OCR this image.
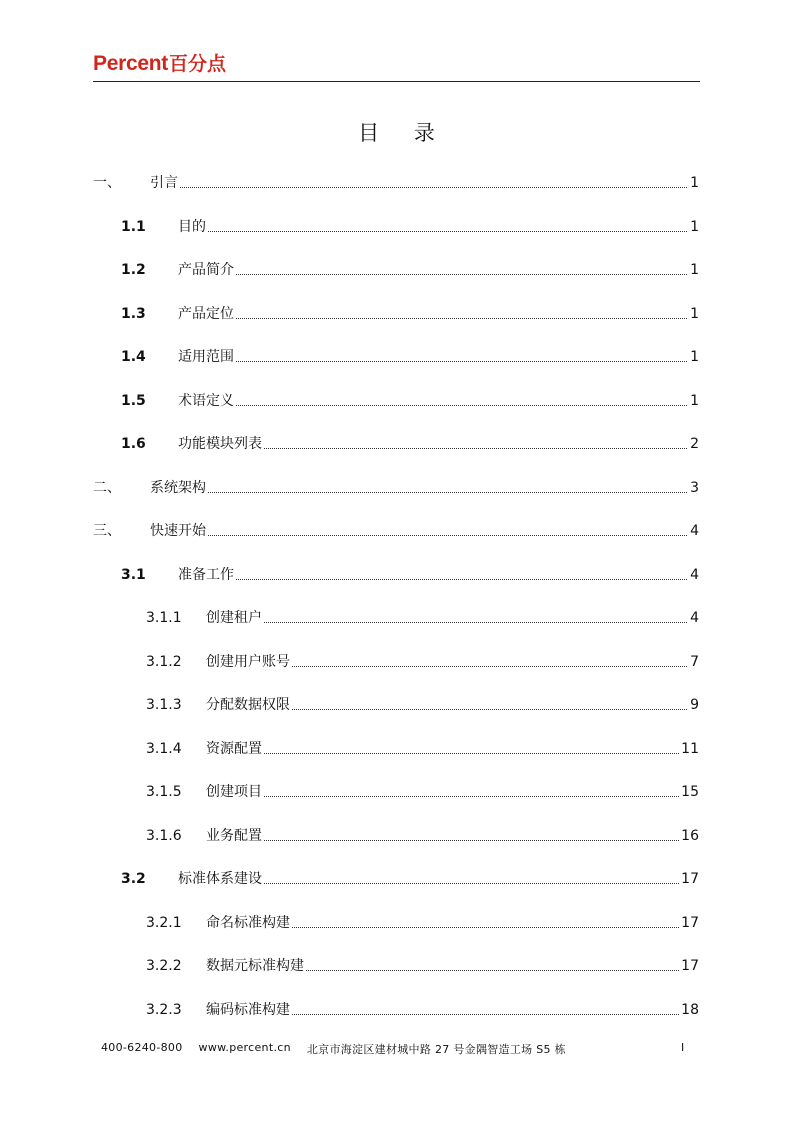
Percent 百分点
目 录
一、 引言	1
1.1 目的	1
1.2 产品简介	1
1.3 产品定位	1
1.4 适用范围	1
1.5 术语定义	1
1.6 功能模块列表	2
二、 系统架构	3
三、 快速开始	4
3.1 准备工作	4
3.1.1 创建租户	4
3.1.2 创建用户账号	7
3.1.3 分配数据权限	9
3.1.4 资源配置	11
3.1.5 创建项目	15
3.1.6 业务配置	16
3.2 标准体系建设	17
3.2.1 命名标准构建	17
3.2.2 数据元标准构建	17
3.2.3 编码标准构建	18
400-6240-800 www.percent.cn 北京市海淀区建材城中路 27 号金隅智造工场 S5 栋	I
